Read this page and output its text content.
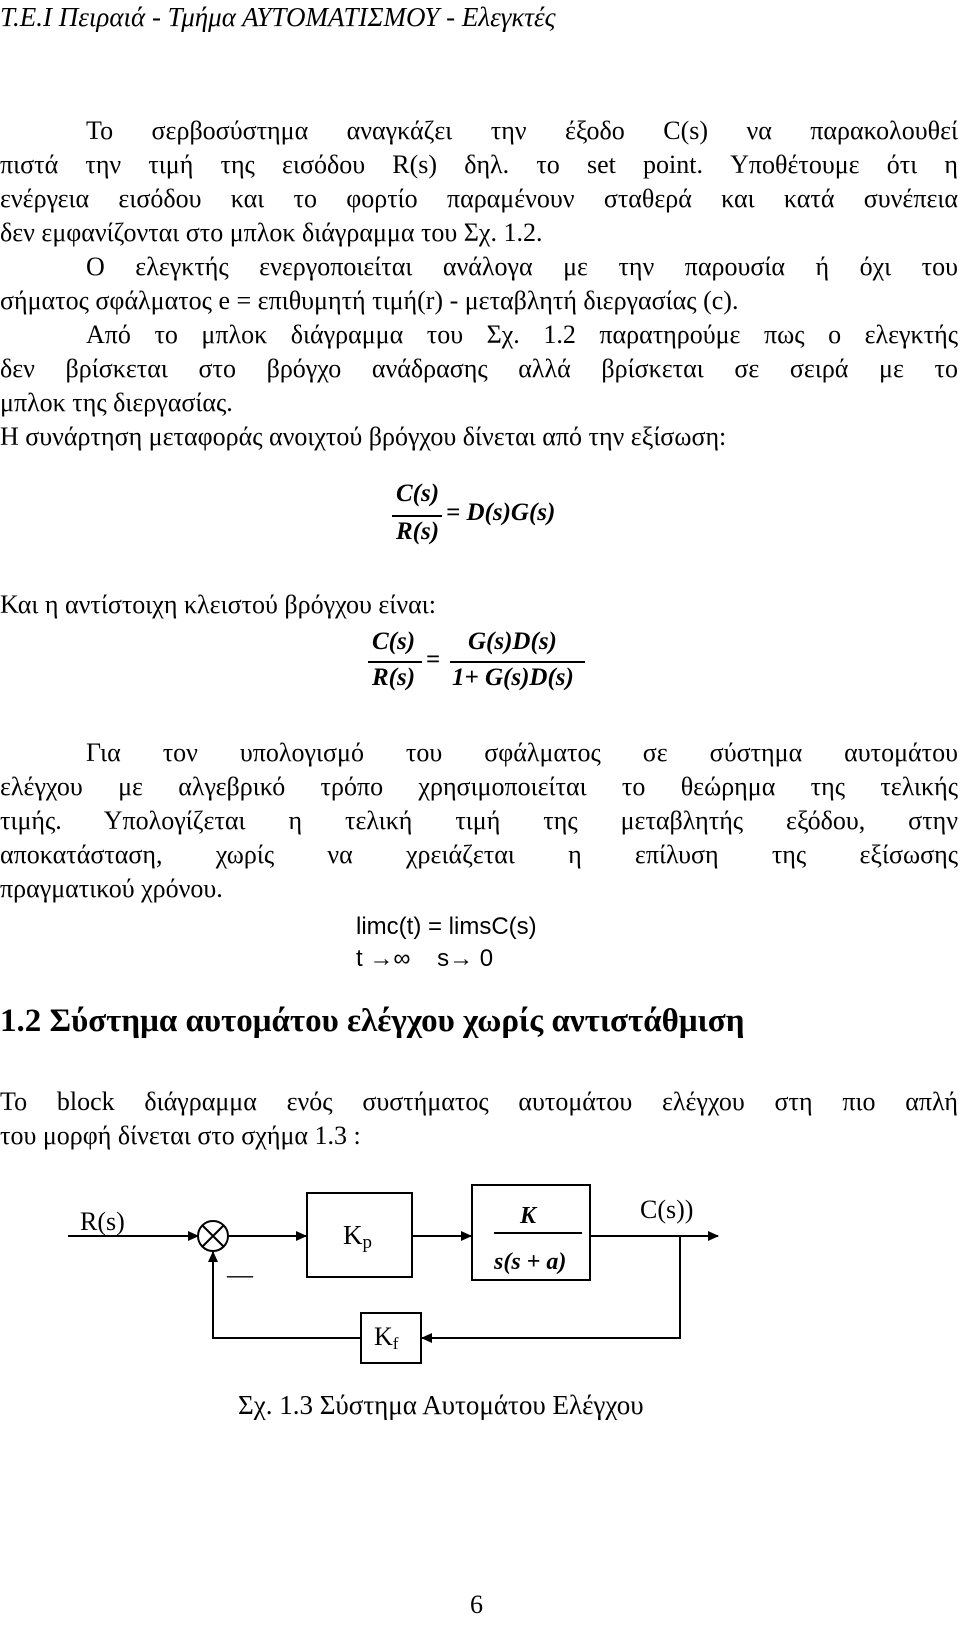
Τ.Ε.Ι Πειραιά - Τμήμα ΑΥΤΟΜΑΤΙΣΜΟΥ - Ελεγκτές
Το σερβοσύστημα αναγκάζει την έξοδο C(s) να παρακολουθεί
πιστά την τιμή της εισόδου R(s) δηλ. το set point. Υποθέτουμε ότι η
ενέργεια εισόδου και το φορτίο παραμένουν σταθερά και κατά συνέπεια
δεν εμφανίζονται στο μπλοκ διάγραμμα του Σχ. 1.2.
Ο ελεγκτής ενεργοποιείται ανάλογα με την παρουσία ή όχι του
σήματος σφάλματος e = επιθυμητή τιμή(r) - μεταβλητή διεργασίας (c).
Από το μπλοκ διάγραμμα του Σχ. 1.2 παρατηρούμε πως ο ελεγκτής
δεν βρίσκεται στο βρόγχο ανάδρασης αλλά βρίσκεται σε σειρά με το
μπλοκ της διεργασίας.
Η συνάρτηση μεταφοράς ανοιχτού βρόγχου δίνεται από την εξίσωση:
C(s)
R(s)
= D(s)G(s)
Και η αντίστοιχη κλειστού βρόγχου είναι:
C(s)
R(s)
=
G(s)D(s)
1+ G(s)D(s)
Για τον υπολογισμό του σφάλματος σε σύστημα αυτομάτου
ελέγχου με αλγεβρικό τρόπο χρησιμοποιείται το θεώρημα της τελικής
τιμής. Υπολογίζεται η τελική τιμή της μεταβλητής εξόδου, στην
αποκατάσταση, χωρίς να χρειάζεται η επίλυση της εξίσωσης
πραγματικού χρόνου.
limc(t) = limsC(s)
t →∞    s→ 0
1.2 Σύστημα αυτομάτου ελέγχου χωρίς αντιστάθμιση
Το block διάγραμμα ενός συστήματος αυτομάτου ελέγχου στη πιο απλή
του μορφή δίνεται στο σχήμα 1.3 :
R(s)
—
Kp
K
s(s + a)
C(s))
Kf
Σχ. 1.3 Σύστημα Αυτομάτου Ελέγχου
6
